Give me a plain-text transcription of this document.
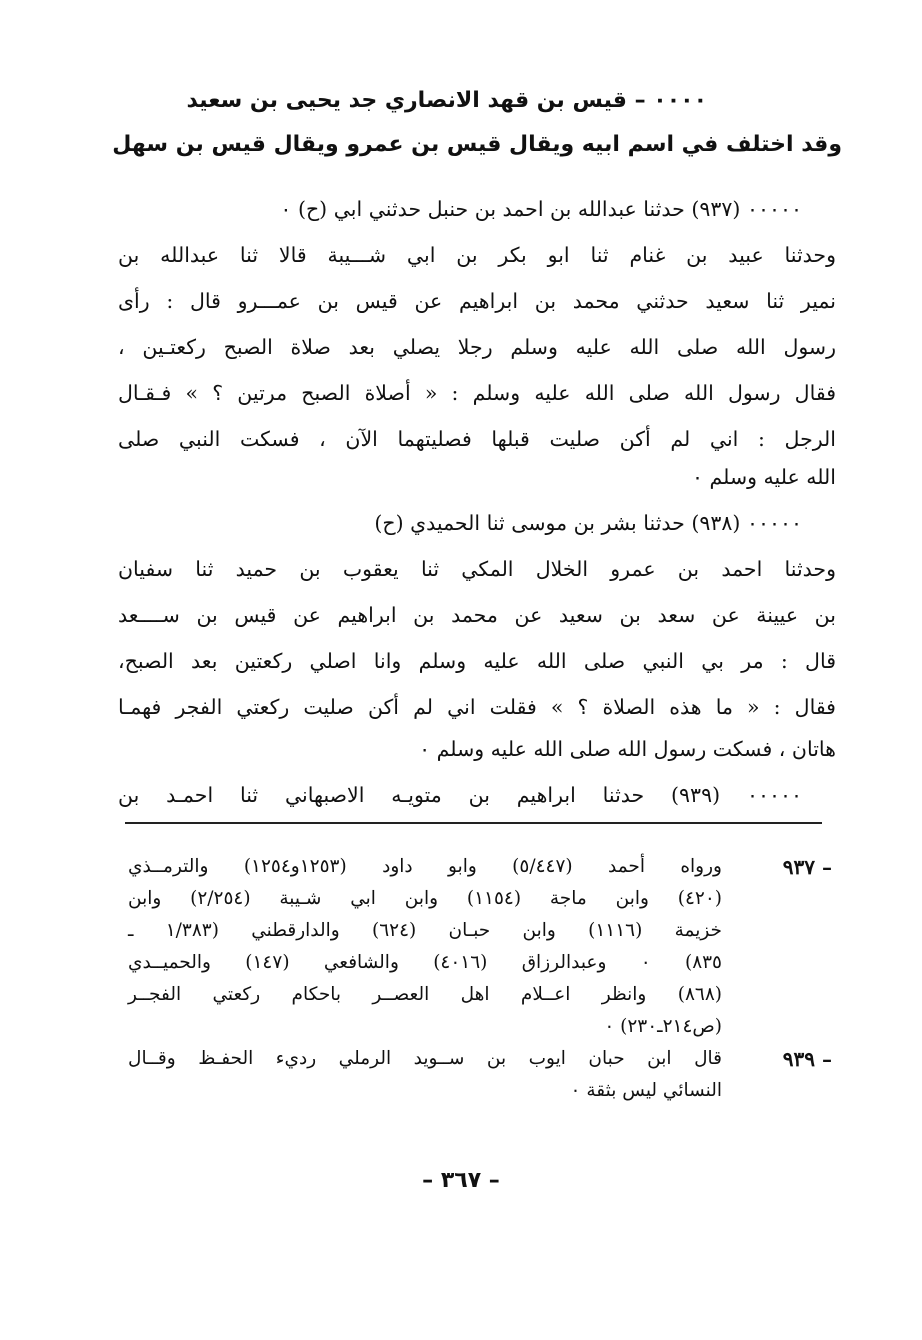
٠٠٠٠ – قيس بن قهد الانصاري جد يحيى بن سعيد
وقد اختلف في اسم ابيه ويقال قيس بن عمرو ويقال قيس بن سهل
٠٠٠٠٠ (٩٣٧) حدثنا عبدالله بن احمد بن حنبل حدثني ابي (ح) ٠
وحدثنا عبيد بن غنام ثنا ابو بكر بن ابي شـــيبة قالا ثنا عبدالله بن
نمير ثنا سعيد حدثني محمد بن ابراهيم عن قيس بن عمـــرو قال : رأى
رسول الله صلى الله عليه وسلم رجلا يصلي بعد صلاة الصبح ركعتـين ،
فقال رسول الله صلى الله عليه وسلم : « أصلاة الصبح مرتين ؟ » فـقـال
الرجل : اني لم أكن صليت قبلها فصليتهما الآن ، فسكت النبي صلى
الله عليه وسلم ٠
٠٠٠٠٠ (٩٣٨) حدثنا بشر بن موسى ثنا الحميدي (ح)
وحدثنا احمد بن عمرو الخلال المكي ثنا يعقوب بن حميد ثنا سفيان
بن عيينة عن سعد بن سعيد عن محمد بن ابراهيم عن قيس بن ســــعد
قال : مر بي النبي صلى الله عليه وسلم وانا اصلي ركعتين بعد الصبح،
فقال : « ما هذه الصلاة ؟ » فقلت اني لم أكن صليت ركعتي الفجر فهمـا
هاتان ، فسكت رسول الله صلى الله عليه وسلم ٠
٠٠٠٠٠ (٩٣٩) حدثنا ابراهيم بن متويـه الاصبهاني ثنا احمـد بن
٩٣٧ –
ورواه أحمد (٥/٤٤٧) وابو داود (١٢٥٣و١٢٥٤) والترمــذي
(٤٢٠) وابن ماجة (١١٥٤) وابن ابي شـيبة (٢/٢٥٤) وابن
خزيمة (١١١٦) وابن حبـان (٦٢٤) والدارقطني (١/٣٨٣ ـ
٨٣٥) ٠ وعبدالرزاق (٤٠١٦) والشافعي (١٤٧) والحميــدي
(٨٦٨) وانظر اعــلام اهل العصــر باحكام ركعتي الفجــر
(ص٢١٤ـ٢٣٠) ٠
٩٣٩ –
قال ابن حبان ايوب بن ســويد الرملي رديء الحفـظ وقــال
النسائي ليس بثقة ٠
– ٣٦٧ –
